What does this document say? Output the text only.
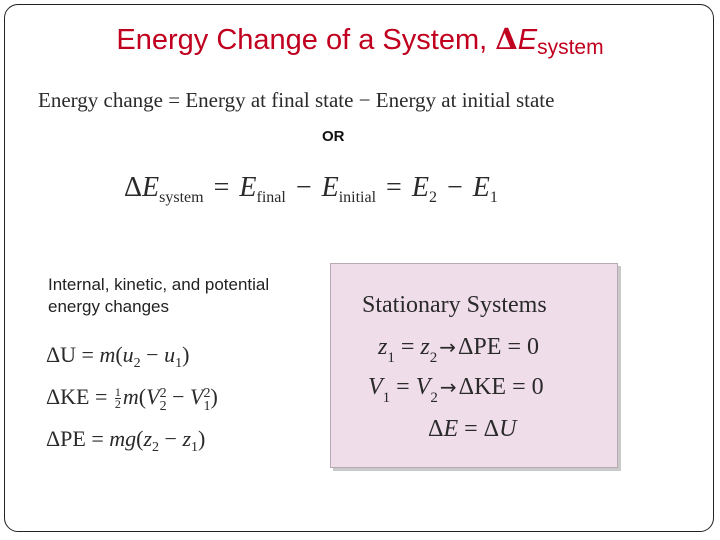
Energy Change of a System, ΔEsystem
Energy change = Energy at final state − Energy at initial state
OR
$\Delta E_{system} = E_{final} - E_{initial} = E_2 - E_1$
Internal, kinetic, and potential energy changes
$\Delta U = m(u_2 - u_1)$
$\Delta KE = \frac{1}{2} m(V$ 2
2 − V 2
1 )
$\Delta PE = mg(z_2 - z_1)$
Stationary Systems
$z_1 = z_2 \to\Delta PE = 0$
$V_1 = V_2 \to\Delta KE = 0$
ΔE = ΔU
